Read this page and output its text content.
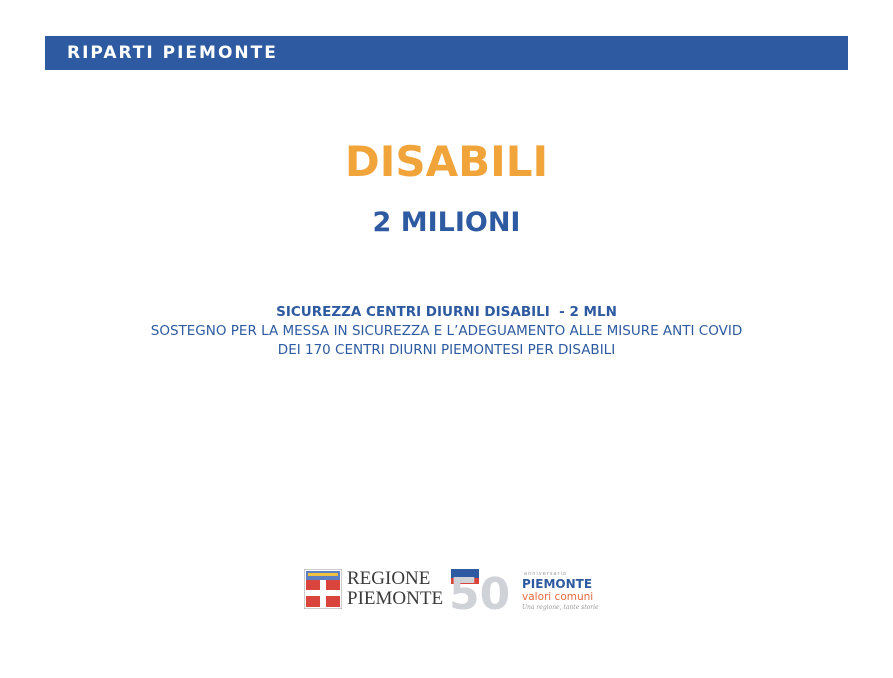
RIPARTI PIEMONTE
DISABILI
2 MILIONI
SICUREZZA CENTRI DIURNI DISABILI  - 2 MLN
SOSTEGNO PER LA MESSA IN SICUREZZA E L’ADEGUAMENTO ALLE MISURE ANTI COVID
DEI 170 CENTRI DIURNI PIEMONTESI PER DISABILI
REGIONE
PIEMONTE 50	anniversario
PIEMONTE
valori comuni
Una regione, tante storie
